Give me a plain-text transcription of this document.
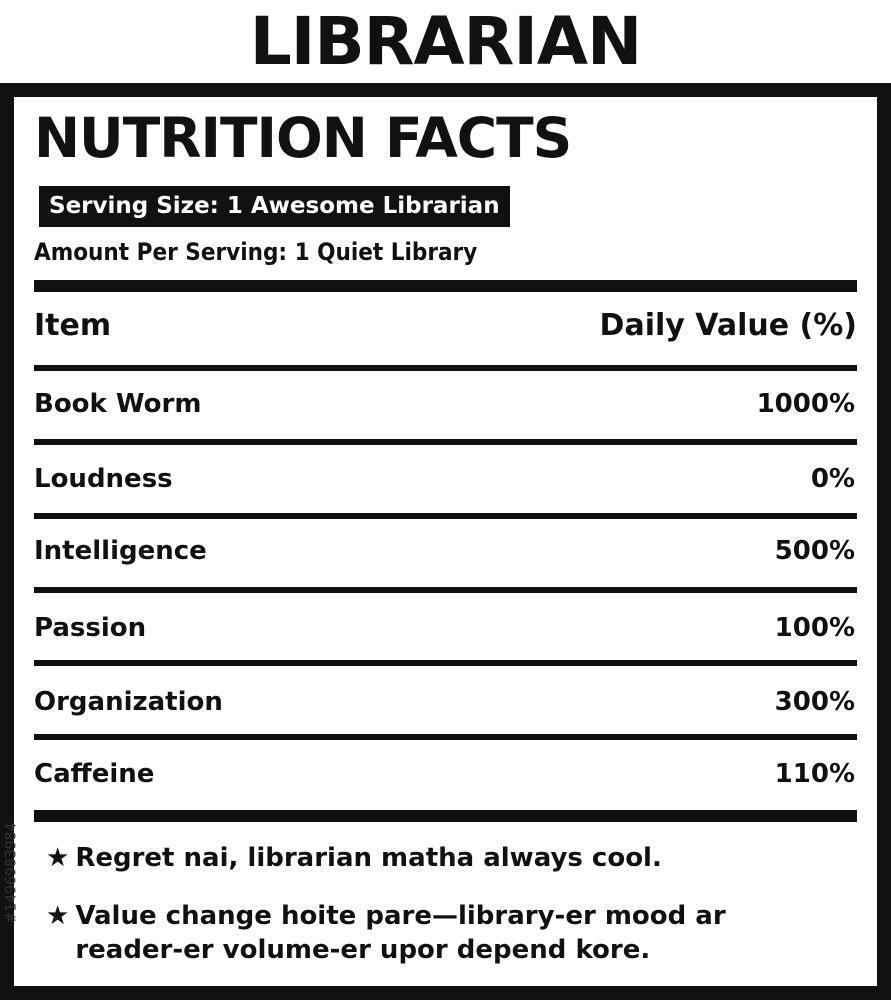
LIBRARIAN
NUTRITION FACTS
Serving Size: 1 Awesome Librarian
Amount Per Serving: 1 Quiet Library
Item	Daily Value (%)
Book Worm	1000%
Loudness	0%
Intelligence	500%
Passion	100%
Organization	300%
Caffeine	110%
★ Regret nai, librarian matha always cool.
★ Value change hoite pare—library-er mood ar reader-er volume-er upor depend kore.
#1496983984
